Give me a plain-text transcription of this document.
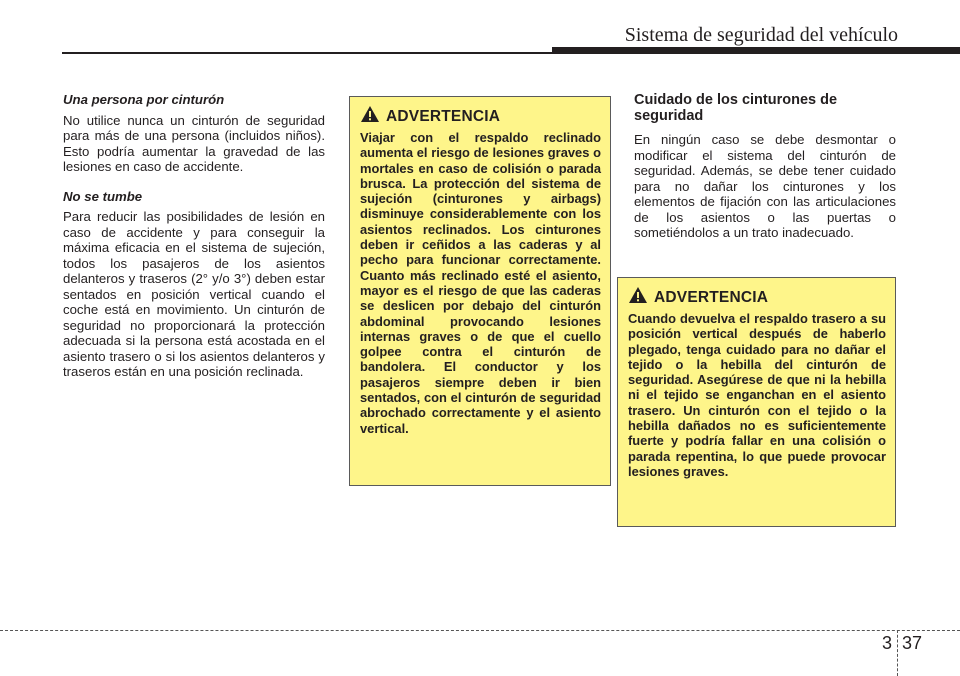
Sistema de seguridad del vehículo
Una persona por cinturón

No utilice nunca un cinturón de seguridad para más de una persona (incluidos niños). Esto podría aumentar la gravedad de las lesiones en caso de accidente.

No se tumbe

Para reducir las posibilidades de lesión en caso de accidente y para conseguir la máxima eficacia en el sistema de sujeción, todos los pasajeros de los asientos delanteros y traseros (2° y/o 3°) deben estar sentados en posición vertical cuando el coche está en movimiento. Un cinturón de seguridad no proporcionará la protección adecuada si la persona está acostada en el asiento trasero o si los asientos delanteros y traseros están en una posición reclinada.

ADVERTENCIA

Viajar con el respaldo reclinado aumenta el riesgo de lesiones graves o mortales en caso de colisión o parada brusca. La protección del sistema de sujeción (cinturones y airbags) disminuye considerablemente con los asientos reclinados. Los cinturones deben ir ceñidos a las caderas y al pecho para funcionar correctamente. Cuanto más reclinado esté el asiento, mayor es el riesgo de que las caderas se deslicen por debajo del cinturón abdominal provocando lesiones internas graves o de que el cuello golpee contra el cinturón de bandolera. El conductor y los pasajeros siempre deben ir bien sentados, con el cinturón de seguridad abrochado correctamente y el asiento vertical.

Cuidado de los cinturones de seguridad

En ningún caso se debe desmontar o modificar el sistema del cinturón de seguridad. Además, se debe tener cuidado para no dañar los cinturones y los elementos de fijación con las articulaciones de los asientos o las puertas o sometiéndolos a un trato inadecuado.

ADVERTENCIA

Cuando devuelva el respaldo trasero a su posición vertical después de haberlo plegado, tenga cuidado para no dañar el tejido o la hebilla del cinturón de seguridad. Asegúrese de que ni la hebilla ni el tejido se enganchan en el asiento trasero. Un cinturón con el tejido o la hebilla dañados no es suficientemente fuerte y podría fallar en una colisión o parada repentina, lo que puede provocar lesiones graves.

3 37
